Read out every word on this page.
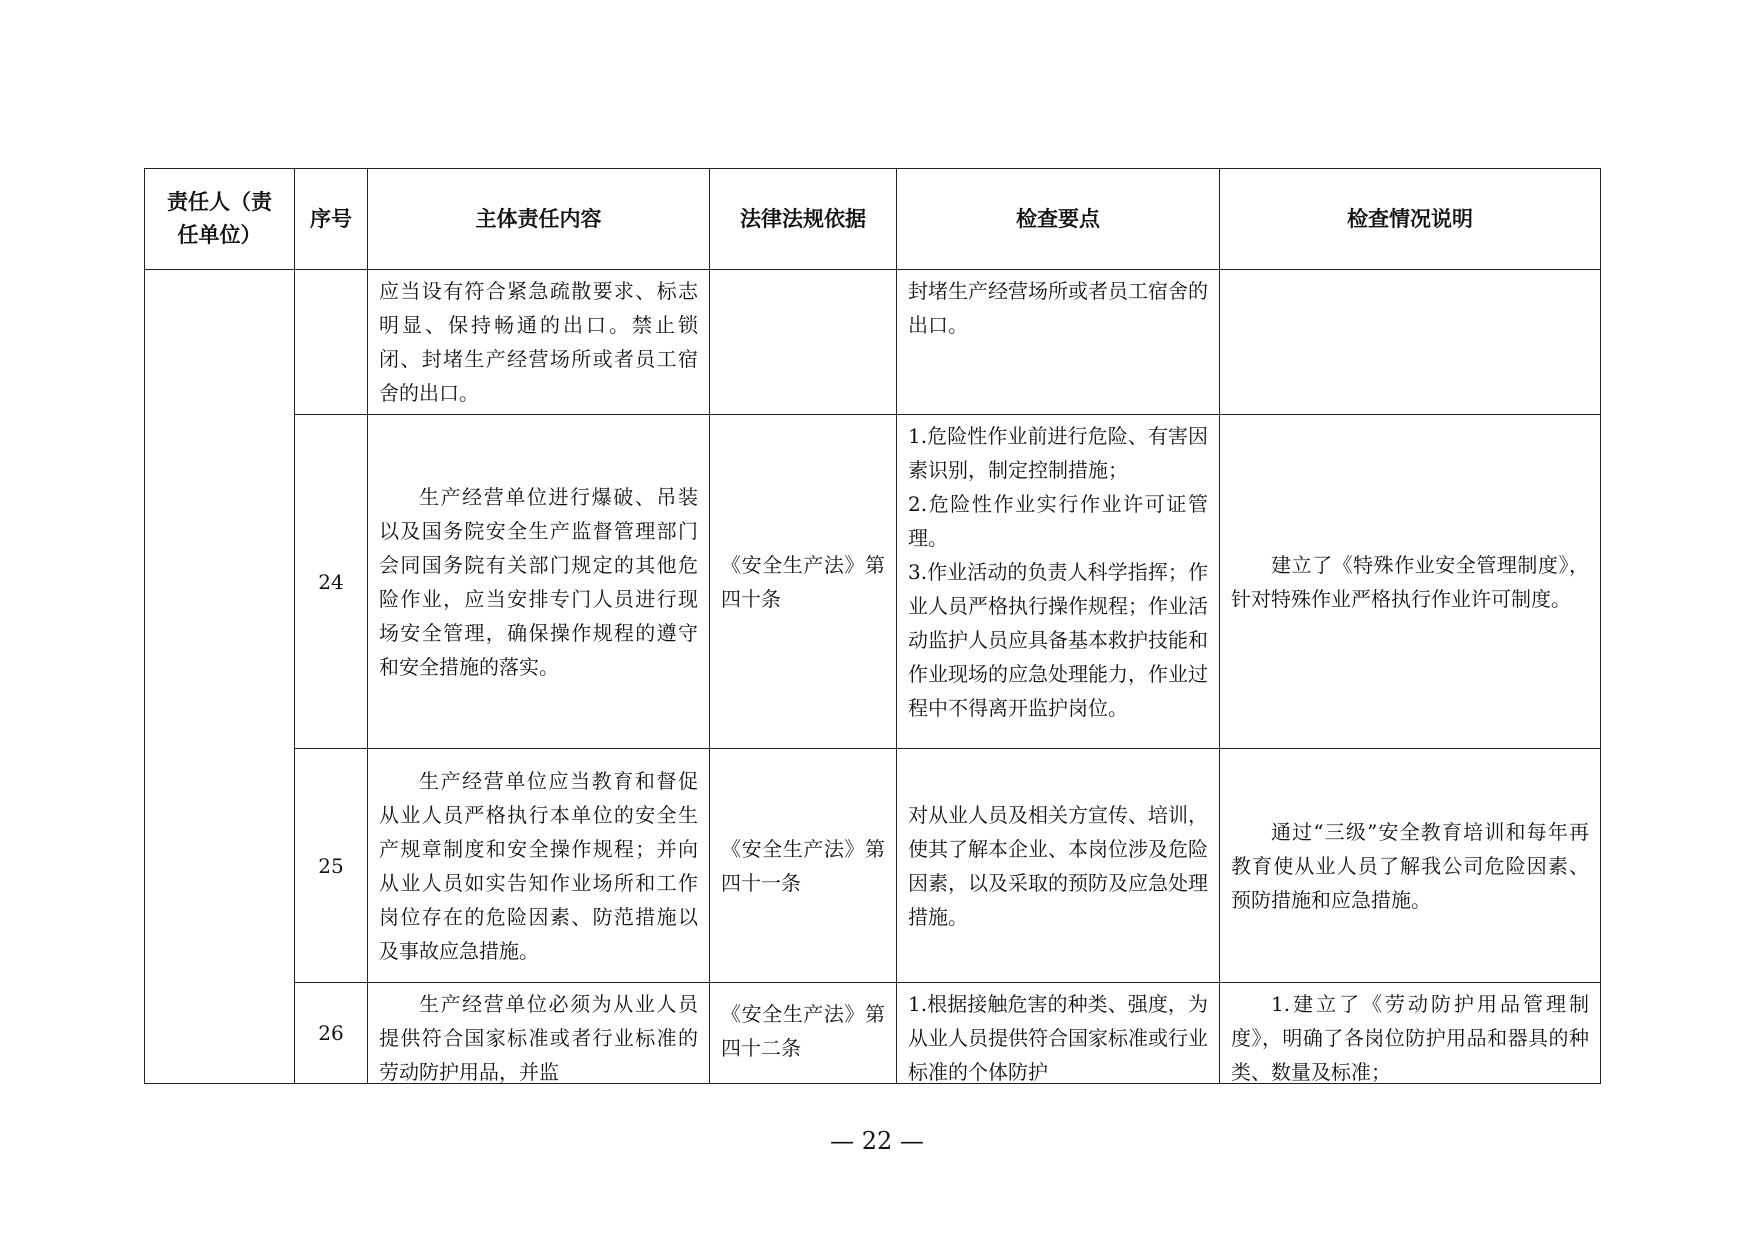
责任人（责任单位）	序号	主体责任内容	法律法规依据	检查要点	检查情况说明

		应当设有符合紧急疏散要求、标志明显、保持畅通的出口。禁止锁闭、封堵生产经营场所或者员工宿舍的出口。		封堵生产经营场所或者员工宿舍的出口。	

	24	生产经营单位进行爆破、吊装以及国务院安全生产监督管理部门会同国务院有关部门规定的其他危险作业，应当安排专门人员进行现场安全管理，确保操作规程的遵守和安全措施的落实。	《安全生产法》第四十条	1.危险性作业前进行危险、有害因素识别，制定控制措施；
2.危险性作业实行作业许可证管理。
3.作业活动的负责人科学指挥；作业人员严格执行操作规程；作业活动监护人员应具备基本救护技能和作业现场的应急处理能力，作业过程中不得离开监护岗位。	建立了《特殊作业安全管理制度》，针对特殊作业严格执行作业许可制度。

	25	生产经营单位应当教育和督促从业人员严格执行本单位的安全生产规章制度和安全操作规程；并向从业人员如实告知作业场所和工作岗位存在的危险因素、防范措施以及事故应急措施。	《安全生产法》第四十一条	对从业人员及相关方宣传、培训，使其了解本企业、本岗位涉及危险因素，以及采取的预防及应急处理措施。	通过“三级”安全教育培训和每年再教育使从业人员了解我公司危险因素、预防措施和应急措施。

	26	生产经营单位必须为从业人员提供符合国家标准或者行业标准的劳动防护用品，并监	《安全生产法》第四十二条	1.根据接触危害的种类、强度，为从业人员提供符合国家标准或行业标准的个体防护	1.建立了《劳动防护用品管理制度》，明确了各岗位防护用品和器具的种类、数量及标准；
— 22 —
